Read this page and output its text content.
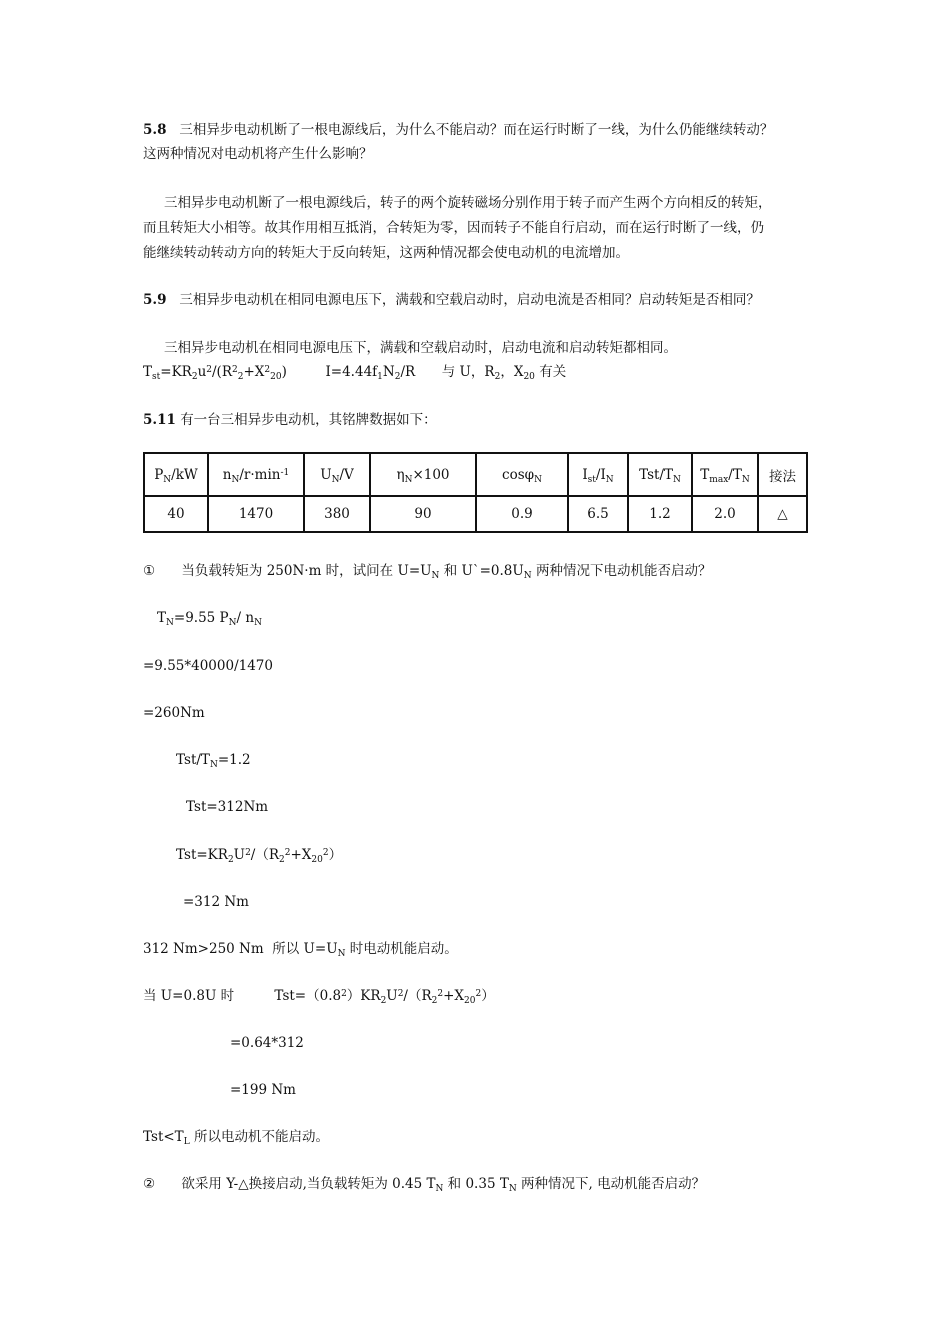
5.8 三相异步电动机断了一根电源线后，为什么不能启动？而在运行时断了一线，为什么仍能继续转动？
这两种情况对电动机将产生什么影响？
三相异步电动机断了一根电源线后，转子的两个旋转磁场分别作用于转子而产生两个方向相反的转矩，
而且转矩大小相等。故其作用相互抵消，合转矩为零，因而转子不能自行启动，而在运行时断了一线，仍
能继续转动转动方向的转矩大于反向转矩，这两种情况都会使电动机的电流增加。
5.9 三相异步电动机在相同电源电压下，满载和空载启动时，启动电流是否相同？启动转矩是否相同？
三相异步电动机在相同电源电压下，满载和空载启动时，启动电流和启动转矩都相同。
$T_{st}=KR_2u^2/(R^2_2+X^2_{20})$	$I=4.44f_1N_2/R$ 与 U，$R_2$，$X_{20}$ 有关
5.11 有一台三相异步电动机，其铭牌数据如下：
$P_N/kW$	$n_N/r\cdot\min^{-1}$	$U_N/V$	$\eta_N\times 100$	cosφ$_N$	$I_{st}/I_N$	Tst/$T_N$	$T_{max}/T_N$	接法
40	1470	380	90	0.9	6.5	1.2	2.0	△
① 当负载转矩为 250N·m 时，试问在 $U=U_N$ 和 $U`=0.8U_N$ 两种情况下电动机能否启动？
$T_N=9.55$ $P_N/$ $n_N$
=9.55*40000/1470
=260Nm
Tst/$T_N=1.2$
Tst=312Nm
$Tst=KR_2U^2/(R_2^2+X_{20}^2)$
=312 Nm
312 Nm>250 Nm  所以 $U=U_N$ 时电动机能启动。
当 U=0.8U 时	$Tst=(0.8^2)KR_2U^2/(R_2^2+X_{20}^2)$
=0.64*312
=199 Nm
$Tst<T_L$ 所以电动机不能启动。
② 欲采用 Y-△换接启动,当负载转矩为 0.45 $T_N$ 和 0.35 $T_N$ 两种情况下, 电动机能否启动？
